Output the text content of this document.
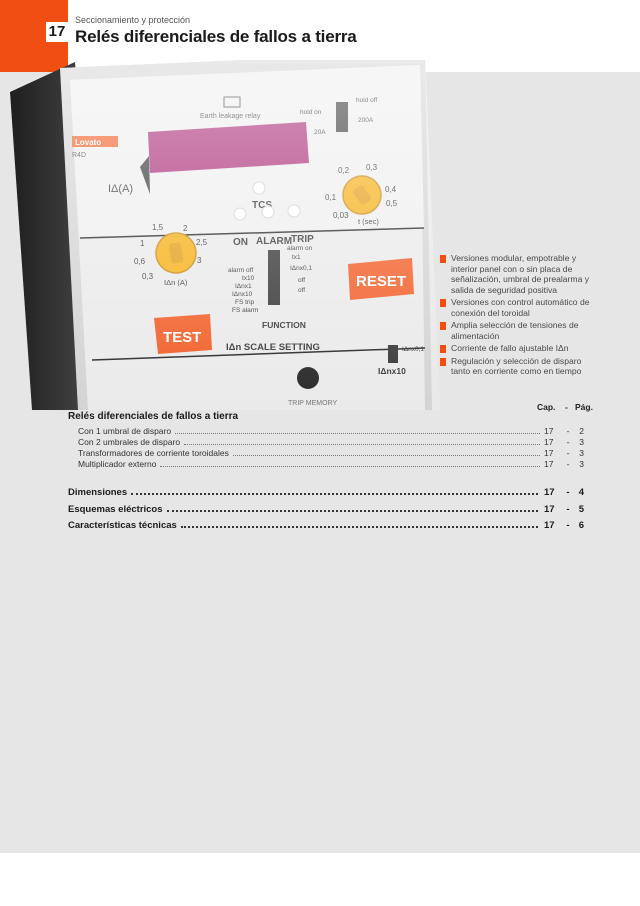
17
Seccionamiento y protección
Relés diferenciales de fallos a tierra
Versiones modular, empotrable y interior panel con o sin placa de señalización, umbral de prealarma y salida de seguridad positiva
Versiones con control automático de conexión del toroidal
Amplia selección de tensiones de alimentación
Corriente de fallo ajustable IΔn
Regulación y selección de disparo tanto en corriente como en tiempo
Cap. - Pág.
Relés diferenciales de fallos a tierra
Con 1 umbral de disparo	17	-	2
Con 2 umbrales de disparo	17	-	3
Transformadores de corriente toroidales	17	-	3
Multiplicador externo	17	-	3
Dimensiones	17	- 4
Esquemas eléctricos	17	- 5
Características técnicas	17	- 6
